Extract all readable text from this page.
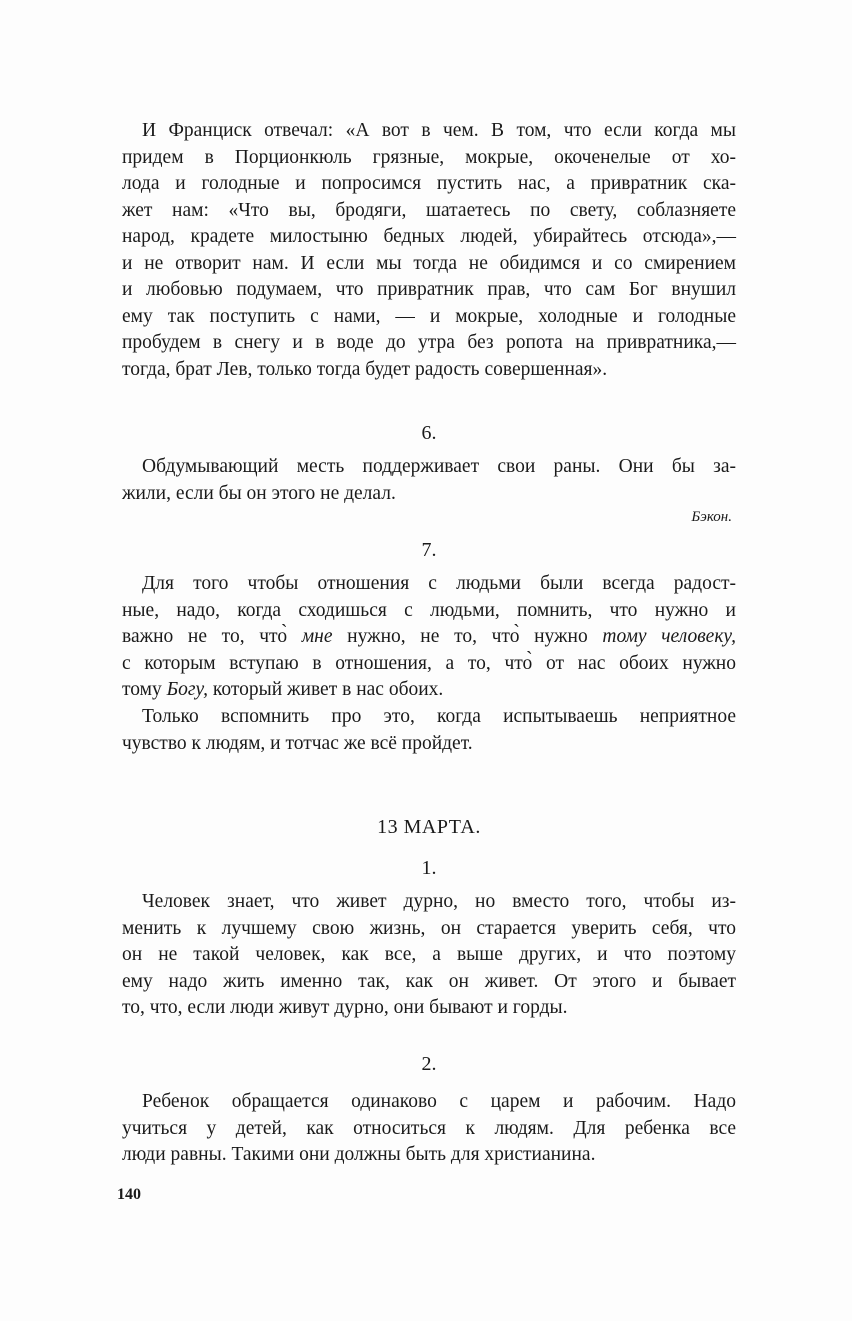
И Франциск отвечал: «А вот в чем. В том, что если когда мы
придем в Порционкюль грязные, мокрые, окоченелые от хо-
лода и голодные и попросимся пустить нас, а привратник ска-
жет нам: «Что вы, бродяги, шатаетесь по свету, соблазняете
народ, крадете милостыню бедных людей, убирайтесь отсюда»,—
и не отворит нам. И если мы тогда не обидимся и со смирением
и любовью подумаем, что привратник прав, что сам Бог внушил
ему так поступить с нами, — и мокрые, холодные и голодные
пробудем в снегу и в воде до утра без ропота на привратника,—
тогда, брат Лев, только тогда будет радость совершенная».
6.
Обдумывающий месть поддерживает свои раны. Они бы за-
жили, если бы он этого не делал.
Бэкон.
7.
Для того чтобы отношения с людьми были всегда радост-
ные, надо, когда сходишься с людьми, помнить, что нужно и
важно не то, что̀ мне нужно, не то, что̀ нужно тому человеку,
с которым вступаю в отношения, а то, что̀ от нас обоих нужно
тому Богу, который живет в нас обоих.
Только вспомнить про это, когда испытываешь неприятное
чувство к людям, и тотчас же всё пройдет.
13 МАРТА.
1.
Человек знает, что живет дурно, но вместо того, чтобы из-
менить к лучшему свою жизнь, он старается уверить себя, что
он не такой человек, как все, а выше других, и что поэтому
ему надо жить именно так, как он живет. От этого и бывает
то, что, если люди живут дурно, они бывают и горды.
2.
Ребенок обращается одинаково с царем и рабочим. Надо
учиться у детей, как относиться к людям. Для ребенка все
люди равны. Такими они должны быть для христианина.
140
